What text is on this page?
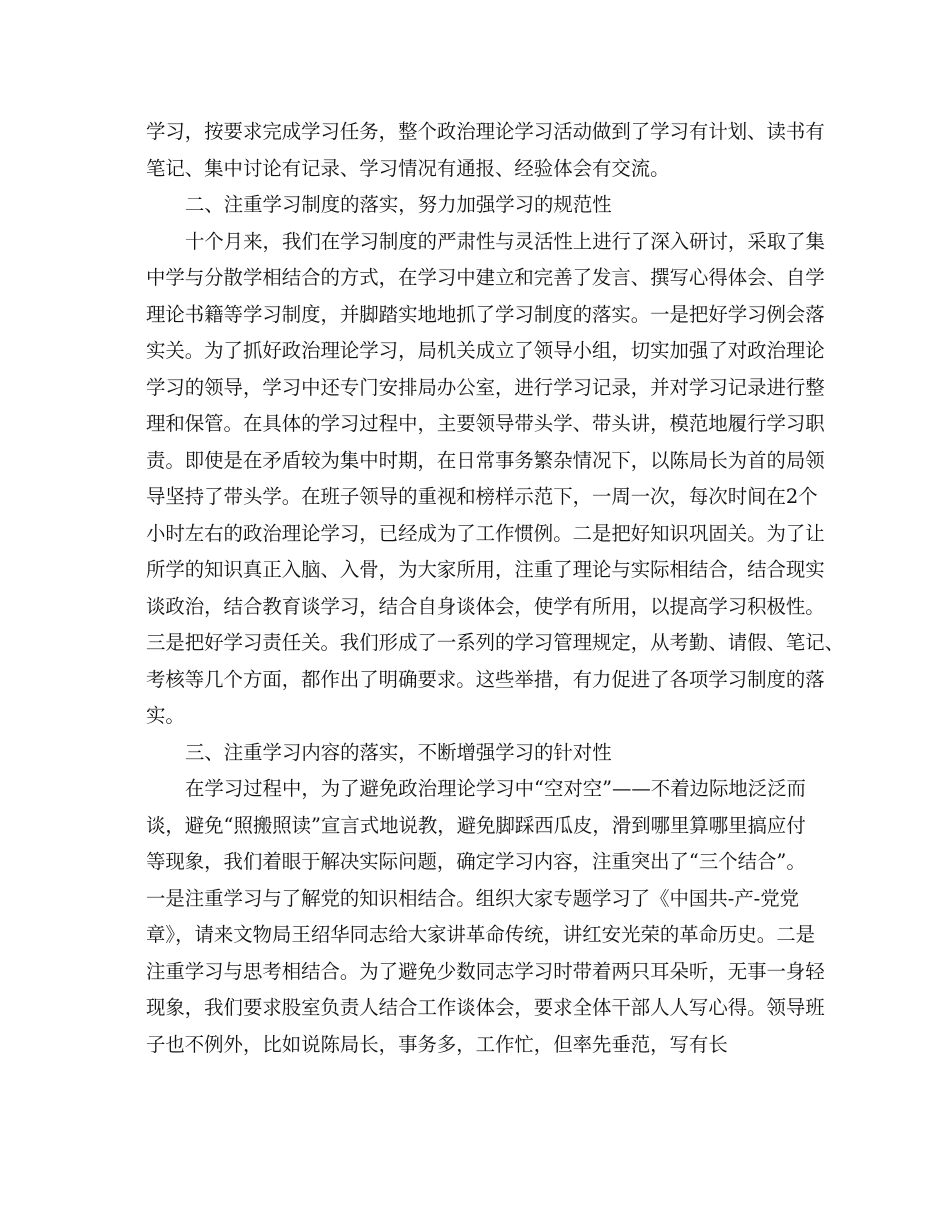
学习，按要求完成学习任务，整个政治理论学习活动做到了学习有计划、读书有
笔记、集中讨论有记录、学习情况有通报、经验体会有交流。
二、注重学习制度的落实，努力加强学习的规范性
十个月来，我们在学习制度的严肃性与灵活性上进行了深入研讨，采取了集
中学与分散学相结合的方式，在学习中建立和完善了发言、撰写心得体会、自学
理论书籍等学习制度，并脚踏实地地抓了学习制度的落实。一是把好学习例会落
实关。为了抓好政治理论学习，局机关成立了领导小组，切实加强了对政治理论
学习的领导，学习中还专门安排局办公室，进行学习记录，并对学习记录进行整
理和保管。在具体的学习过程中，主要领导带头学、带头讲，模范地履行学习职
责。即使是在矛盾较为集中时期，在日常事务繁杂情况下，以陈局长为首的局领
导坚持了带头学。在班子领导的重视和榜样示范下，一周一次，每次时间在2个
小时左右的政治理论学习，已经成为了工作惯例。二是把好知识巩固关。为了让
所学的知识真正入脑、入骨，为大家所用，注重了理论与实际相结合，结合现实
谈政治，结合教育谈学习，结合自身谈体会，使学有所用，以提高学习积极性。
三是把好学习责任关。我们形成了一系列的学习管理规定，从考勤、请假、笔记、
考核等几个方面，都作出了明确要求。这些举措，有力促进了各项学习制度的落
实。
三、注重学习内容的落实，不断增强学习的针对性
在学习过程中，为了避免政治理论学习中“空对空”——不着边际地泛泛而
谈，避免“照搬照读”宣言式地说教，避免脚踩西瓜皮，滑到哪里算哪里搞应付
等现象，我们着眼于解决实际问题，确定学习内容，注重突出了“三个结合”。
一是注重学习与了解党的知识相结合。组织大家专题学习了《中国共-产-党党
章》，请来文物局王绍华同志给大家讲革命传统，讲红安光荣的革命历史。二是
注重学习与思考相结合。为了避免少数同志学习时带着两只耳朵听，无事一身轻
现象，我们要求股室负责人结合工作谈体会，要求全体干部人人写心得。领导班
子也不例外，比如说陈局长，事务多，工作忙，但率先垂范，写有长
